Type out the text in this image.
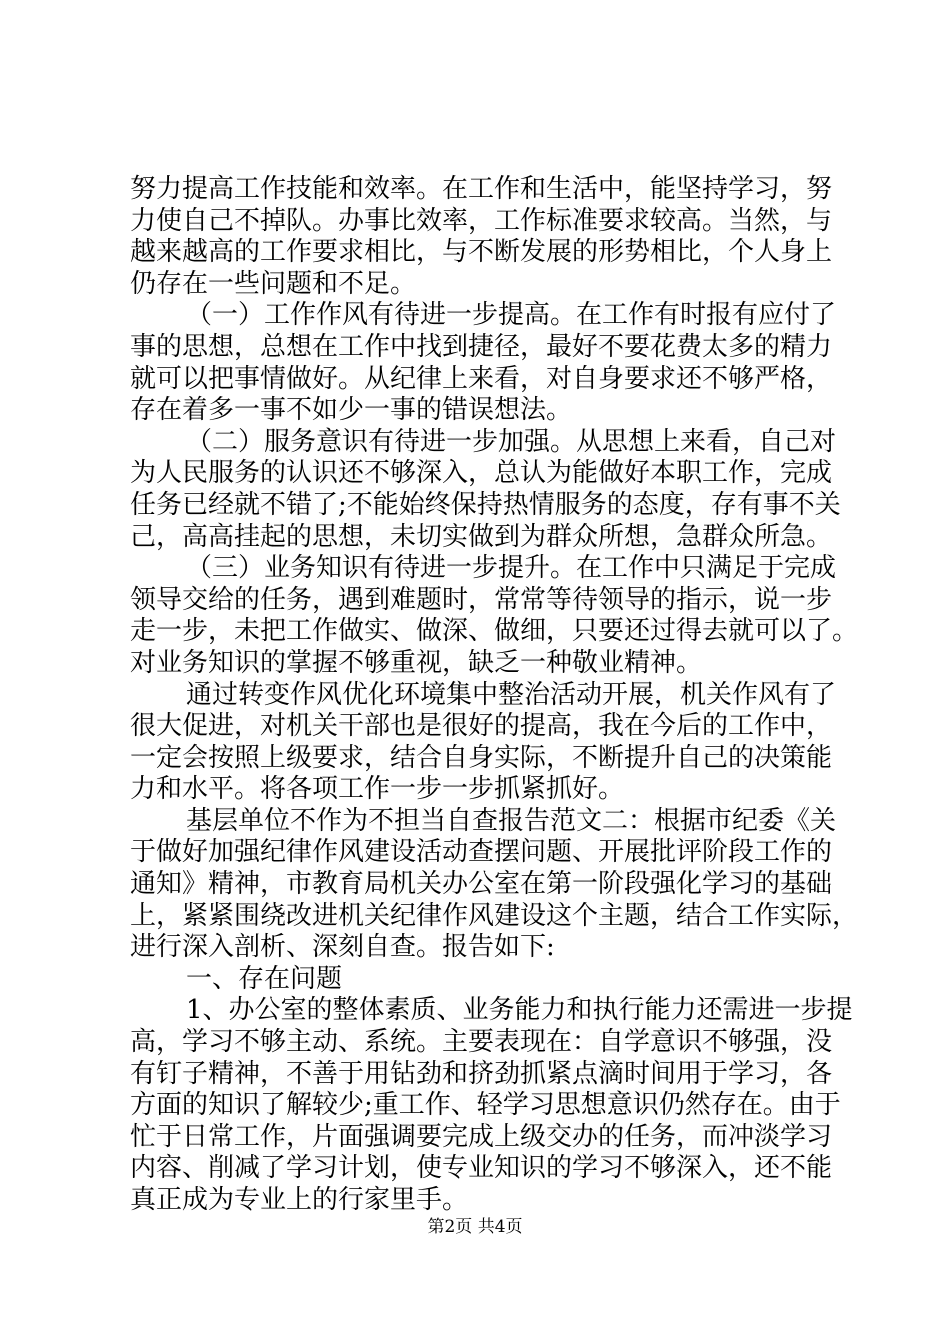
努力提高工作技能和效率。在工作和生活中，能坚持学习，努
力使自己不掉队。办事比效率，工作标准要求较高。当然，与
越来越高的工作要求相比，与不断发展的形势相比，个人身上
仍存在一些问题和不足。
（一）工作作风有待进一步提高。在工作有时报有应付了
事的思想，总想在工作中找到捷径，最好不要花费太多的精力
就可以把事情做好。从纪律上来看，对自身要求还不够严格，
存在着多一事不如少一事的错误想法。
（二）服务意识有待进一步加强。从思想上来看，自己对
为人民服务的认识还不够深入，总认为能做好本职工作，完成
任务已经就不错了;不能始终保持热情服务的态度，存有事不关
己，高高挂起的思想，未切实做到为群众所想，急群众所急。
（三）业务知识有待进一步提升。在工作中只满足于完成
领导交给的任务，遇到难题时，常常等待领导的指示，说一步
走一步，未把工作做实、做深、做细，只要还过得去就可以了。
对业务知识的掌握不够重视，缺乏一种敬业精神。
通过转变作风优化环境集中整治活动开展，机关作风有了
很大促进，对机关干部也是很好的提高，我在今后的工作中，
一定会按照上级要求，结合自身实际，不断提升自己的决策能
力和水平。将各项工作一步一步抓紧抓好。
基层单位不作为不担当自查报告范文二：根据市纪委《关
于做好加强纪律作风建设活动查摆问题、开展批评阶段工作的
通知》精神，市教育局机关办公室在第一阶段强化学习的基础
上，紧紧围绕改进机关纪律作风建设这个主题，结合工作实际，
进行深入剖析、深刻自查。报告如下:
一、存在问题
1、办公室的整体素质、业务能力和执行能力还需进一步提
高，学习不够主动、系统。主要表现在：自学意识不够强，没
有钉子精神，不善于用钻劲和挤劲抓紧点滴时间用于学习，各
方面的知识了解较少;重工作、轻学习思想意识仍然存在。由于
忙于日常工作，片面强调要完成上级交办的任务，而冲淡学习
内容、削减了学习计划，使专业知识的学习不够深入，还不能
真正成为专业上的行家里手。
第2页 共4页
